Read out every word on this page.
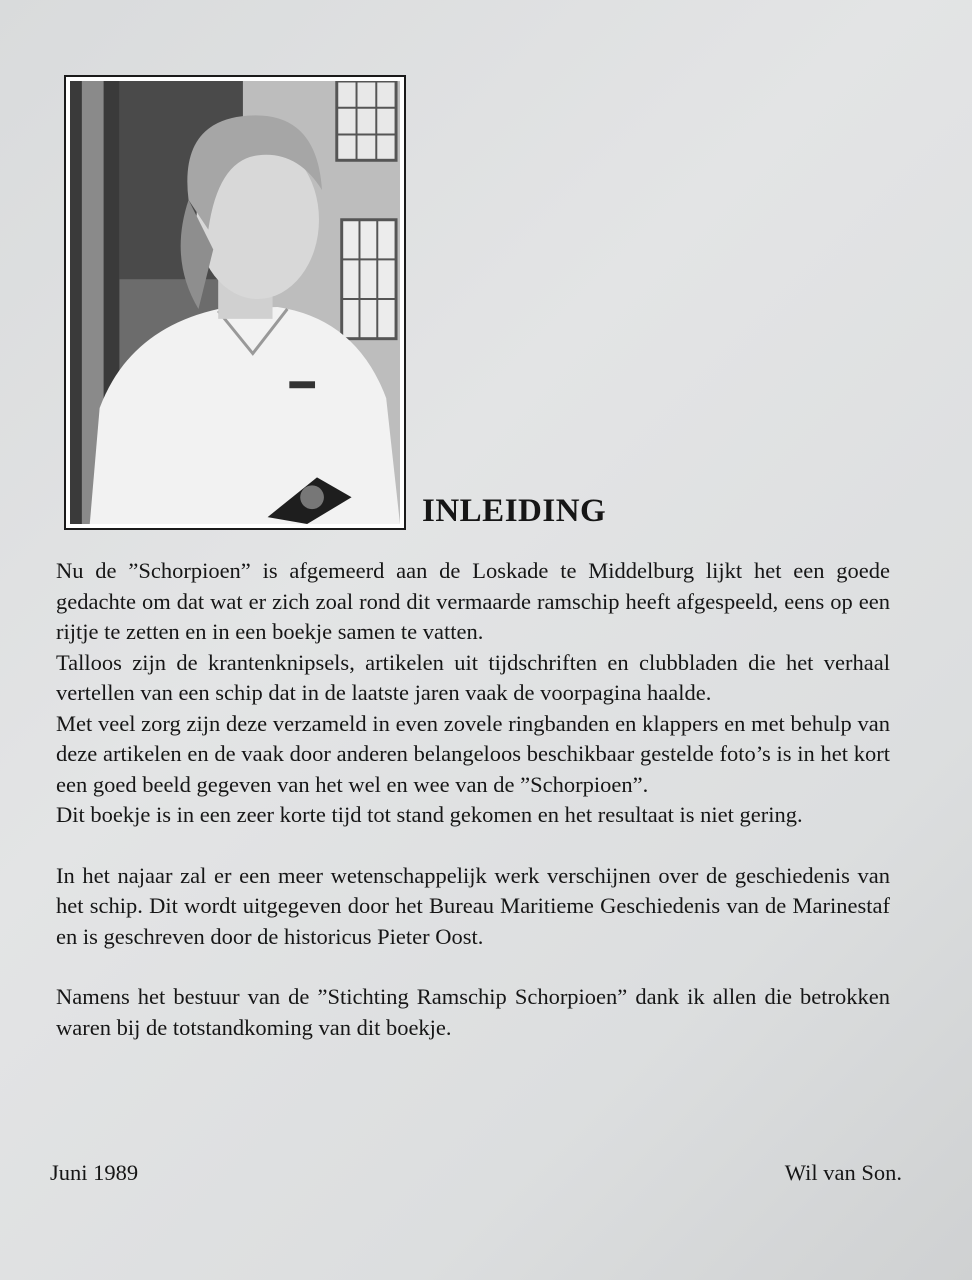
INLEIDING

Nu de ”Schorpioen” is afgemeerd aan de Loskade te Middelburg lijkt het een goede gedachte om dat wat er zich zoal rond dit vermaarde ramschip heeft afgespeeld, eens op een rijtje te zetten en in een boekje samen te vatten.

Talloos zijn de krantenknipsels, artikelen uit tijdschriften en clubbladen die het verhaal vertellen van een schip dat in de laatste jaren vaak de voorpagina haalde.

Met veel zorg zijn deze verzameld in even zovele ringbanden en klappers en met behulp van deze artikelen en de vaak door anderen belangeloos beschikbaar gestelde foto’s is in het kort een goed beeld gegeven van het wel en wee van de ”Schorpioen”.

Dit boekje is in een zeer korte tijd tot stand gekomen en het resultaat is niet gering.

In het najaar zal er een meer wetenschappelijk werk verschijnen over de geschiedenis van het schip. Dit wordt uitgegeven door het Bureau Maritieme Geschiedenis van de Marinestaf en is geschreven door de historicus Pieter Oost.

Namens het bestuur van de ”Stichting Ramschip Schorpioen” dank ik allen die betrokken waren bij de totstandkoming van dit boekje.

Juni 1989	Wil van Son.
